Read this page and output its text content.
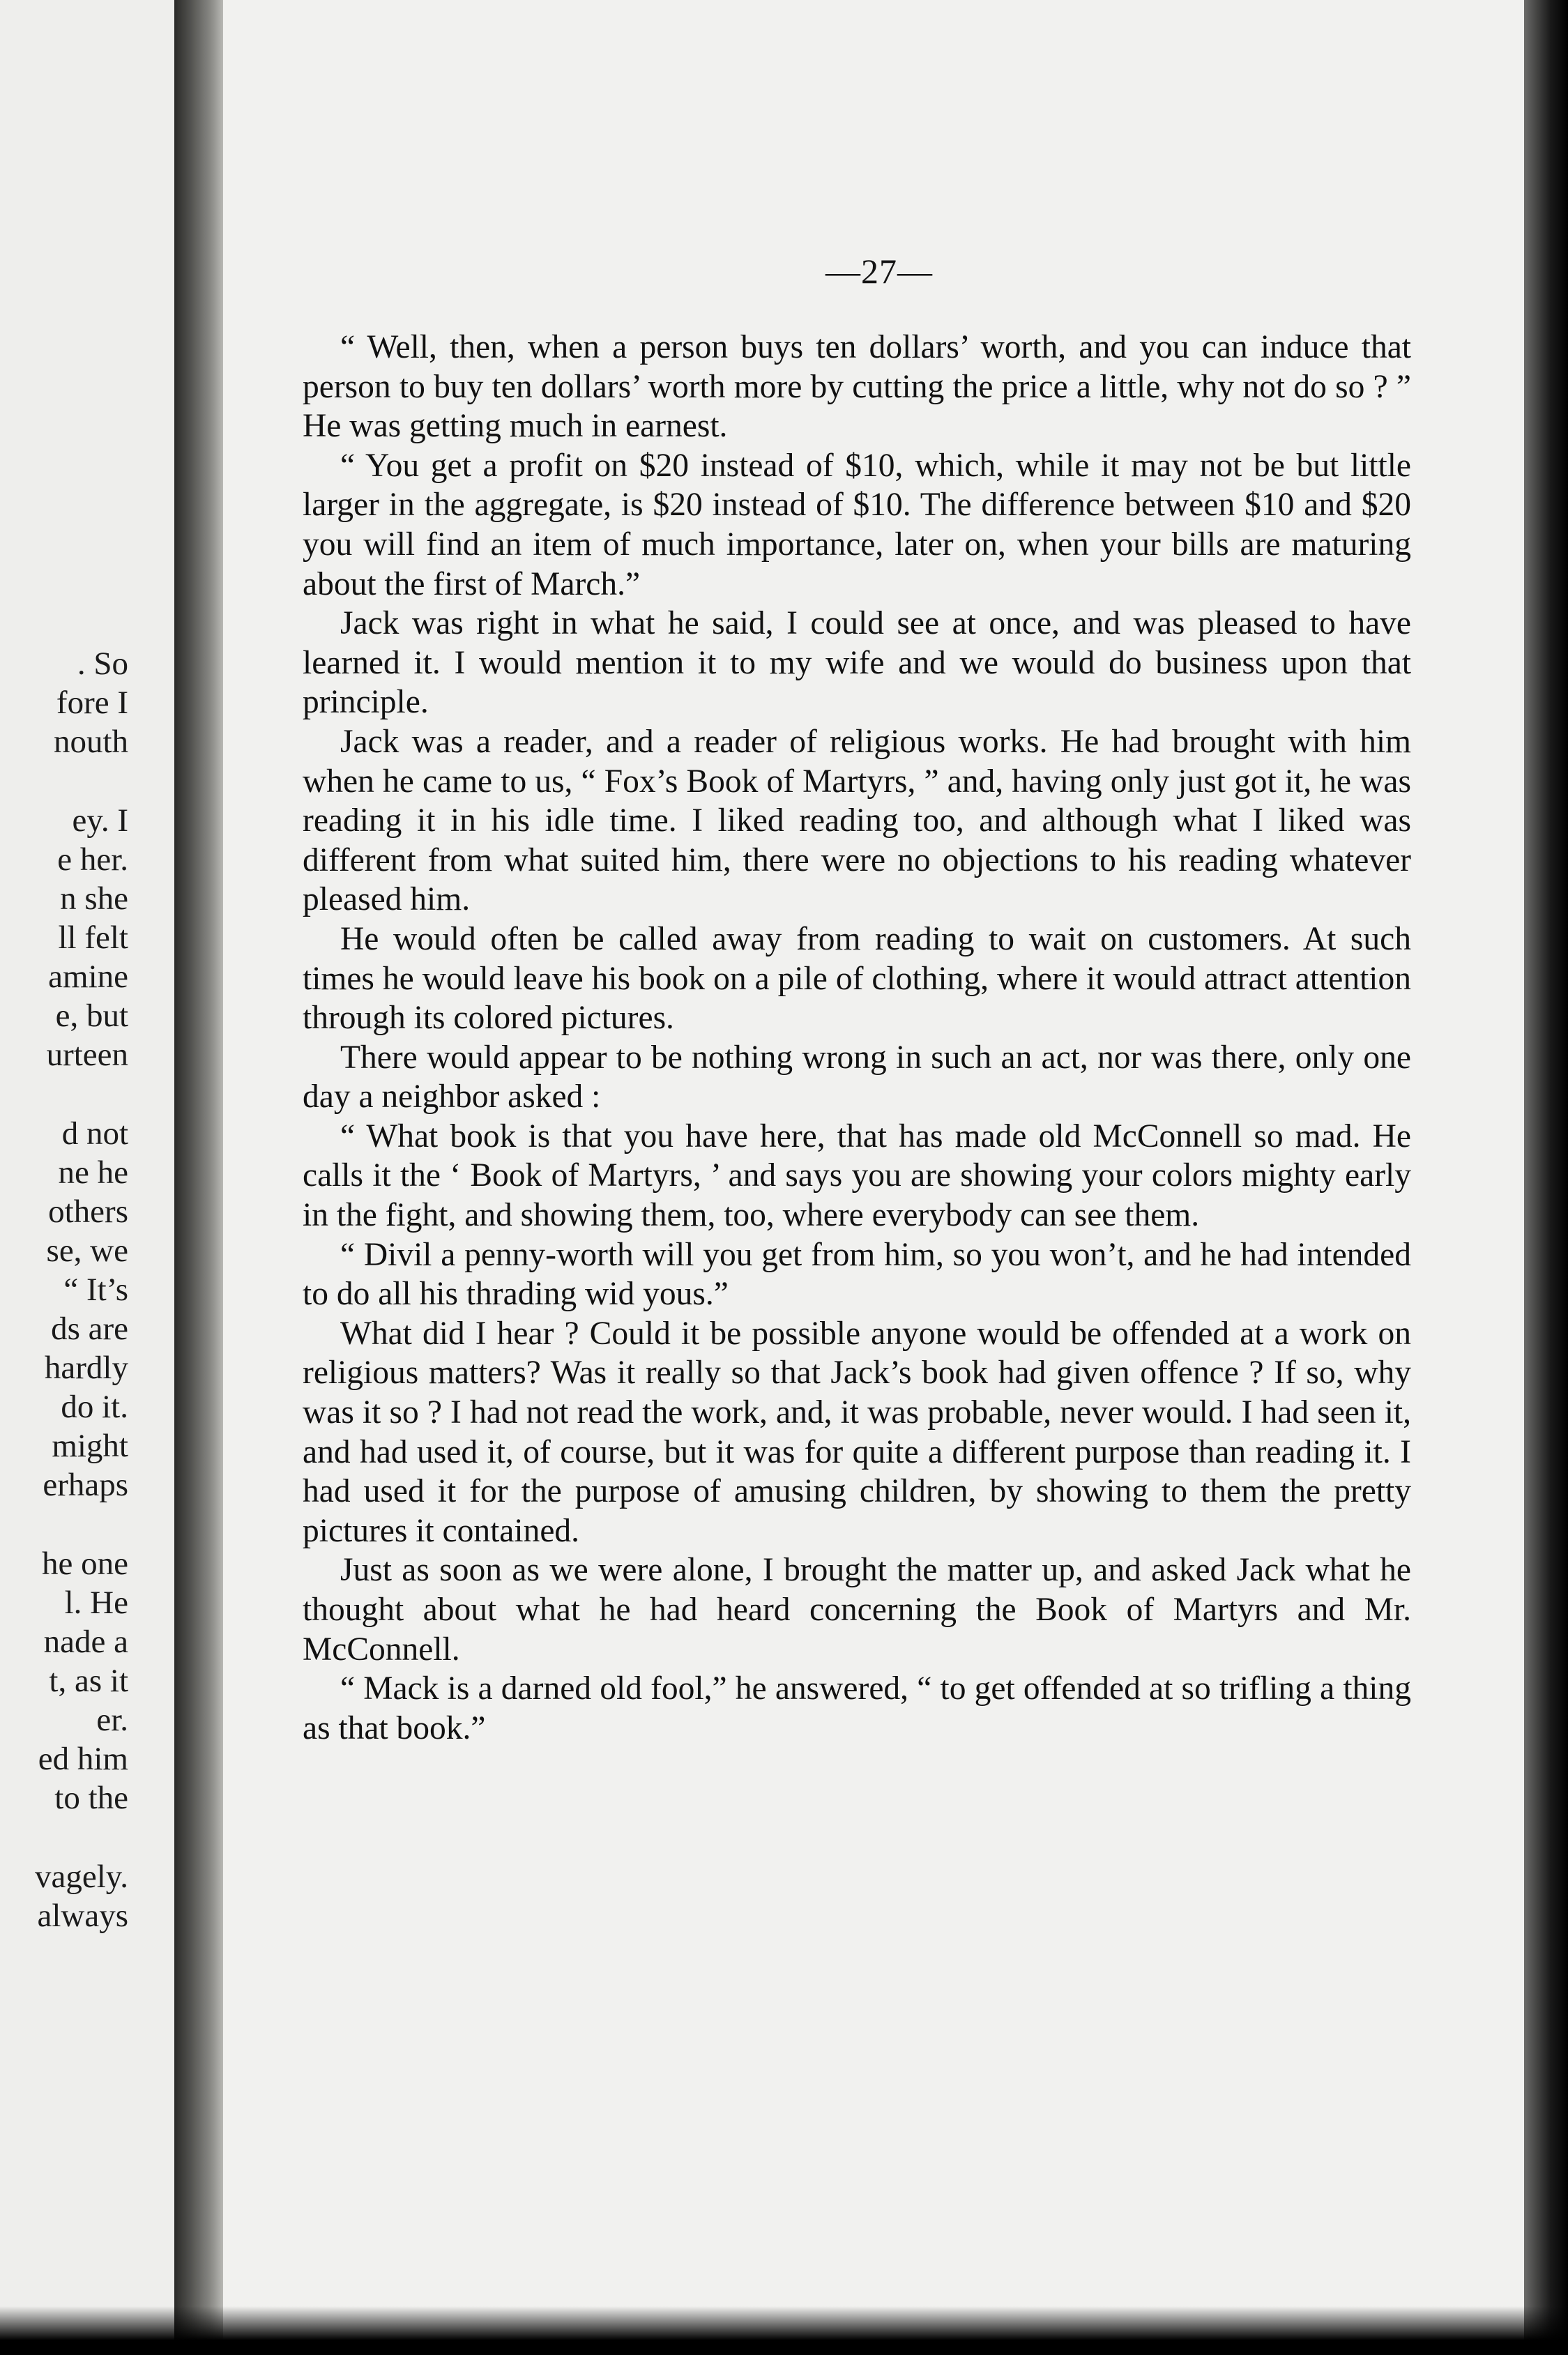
. So
fore I
nouth
ey. I
e her.
n she
ll felt
amine
e, but
urteen
d not
ne he
others
se, we
“ It’s
ds are
hardly
do it.
might
erhaps
he one
l. He
nade a
t, as it
er.
ed him
to the
vagely.
always
—27—

“ Well, then, when a person buys ten dollars’ worth, and you can induce that person to buy ten dollars’ worth more by cutting the price a little, why not do so ? ” He was getting much in earnest.

“ You get a profit on $20 instead of $10, which, while it may not be but little larger in the aggregate, is $20 instead of $10. The difference between $10 and $20 you will find an item of much importance, later on, when your bills are maturing about the first of March.”

Jack was right in what he said, I could see at once, and was pleased to have learned it. I would mention it to my wife and we would do business upon that principle.

Jack was a reader, and a reader of religious works. He had brought with him when he came to us, “ Fox’s Book of Martyrs, ” and, having only just got it, he was reading it in his idle time. I liked reading too, and although what I liked was different from what suited him, there were no objections to his reading whatever pleased him.

He would often be called away from reading to wait on customers. At such times he would leave his book on a pile of clothing, where it would attract attention through its colored pictures.

There would appear to be nothing wrong in such an act, nor was there, only one day a neighbor asked :

“ What book is that you have here, that has made old McConnell so mad. He calls it the ‘ Book of Martyrs, ’ and says you are showing your colors mighty early in the fight, and showing them, too, where everybody can see them.

“ Divil a penny-worth will you get from him, so you won’t, and he had intended to do all his thrading wid yous.”

What did I hear ? Could it be possible anyone would be offended at a work on religious matters? Was it really so that Jack’s book had given offence ? If so, why was it so ? I had not read the work, and, it was probable, never would. I had seen it, and had used it, of course, but it was for quite a different purpose than reading it. I had used it for the purpose of amusing children, by showing to them the pretty pictures it contained.

Just as soon as we were alone, I brought the matter up, and asked Jack what he thought about what he had heard concerning the Book of Martyrs and Mr. McConnell.

“ Mack is a darned old fool,” he answered, “ to get offended at so trifling a thing as that book.”
